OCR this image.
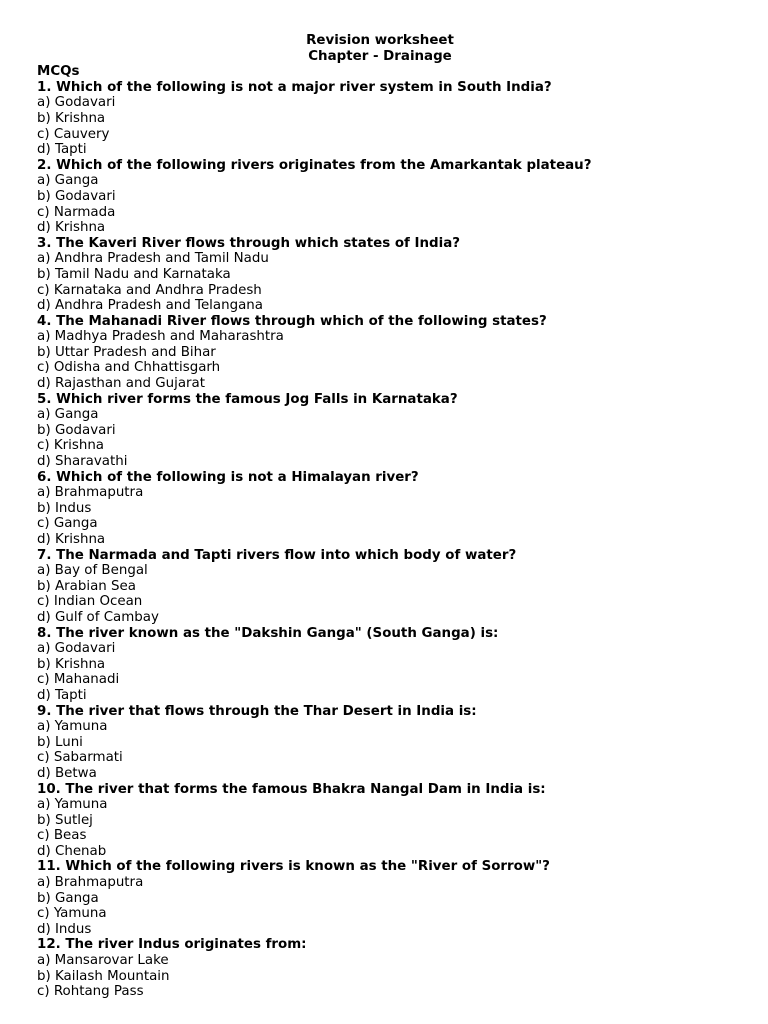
Revision worksheet
Chapter - Drainage
MCQs
1. Which of the following is not a major river system in South India?
a) Godavari
b) Krishna
c) Cauvery
d) Tapti
2. Which of the following rivers originates from the Amarkantak plateau?
a) Ganga
b) Godavari
c) Narmada
d) Krishna
3. The Kaveri River flows through which states of India?
a) Andhra Pradesh and Tamil Nadu
b) Tamil Nadu and Karnataka
c) Karnataka and Andhra Pradesh
d) Andhra Pradesh and Telangana
4. The Mahanadi River flows through which of the following states?
a) Madhya Pradesh and Maharashtra
b) Uttar Pradesh and Bihar
c) Odisha and Chhattisgarh
d) Rajasthan and Gujarat
5. Which river forms the famous Jog Falls in Karnataka?
a) Ganga
b) Godavari
c) Krishna
d) Sharavathi
6. Which of the following is not a Himalayan river?
a) Brahmaputra
b) Indus
c) Ganga
d) Krishna
7. The Narmada and Tapti rivers flow into which body of water?
a) Bay of Bengal
b) Arabian Sea
c) Indian Ocean
d) Gulf of Cambay
8. The river known as the "Dakshin Ganga" (South Ganga) is:
a) Godavari
b) Krishna
c) Mahanadi
d) Tapti
9. The river that flows through the Thar Desert in India is:
a) Yamuna
b) Luni
c) Sabarmati
d) Betwa
10. The river that forms the famous Bhakra Nangal Dam in India is:
a) Yamuna
b) Sutlej
c) Beas
d) Chenab
11. Which of the following rivers is known as the "River of Sorrow"?
a) Brahmaputra
b) Ganga
c) Yamuna
d) Indus
12. The river Indus originates from:
a) Mansarovar Lake
b) Kailash Mountain
c) Rohtang Pass
